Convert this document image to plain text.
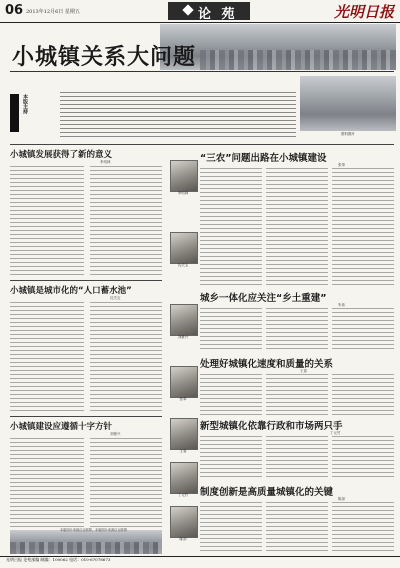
06 2013年12月6日 星期五	论 苑	光明日报
小城镇关系大问题
本版主持
资料图片
小城镇发展获得了新的意义
李培林
小城镇是城市化的“人口蓄水池”
沈关宝
小城镇建设应遵循十字方针
刘豪兴
李培林
沈关宝
刘豪兴
张奉
王春
丁元竹
陈剑
“三农”问题出路在小城镇建设
张奉
城乡一体化应关注“乡土重建”
朱伟
处理好城镇化速度和质量的关系
王春
新型城镇化依靠行政和市场两只手
丁元竹
制度创新是高质量城镇化的关键
陈剑
本版图片来源自互联网，本版图片来源自互联网
光明日报 论苑部编 邮编：100062 电话：010-67078673
